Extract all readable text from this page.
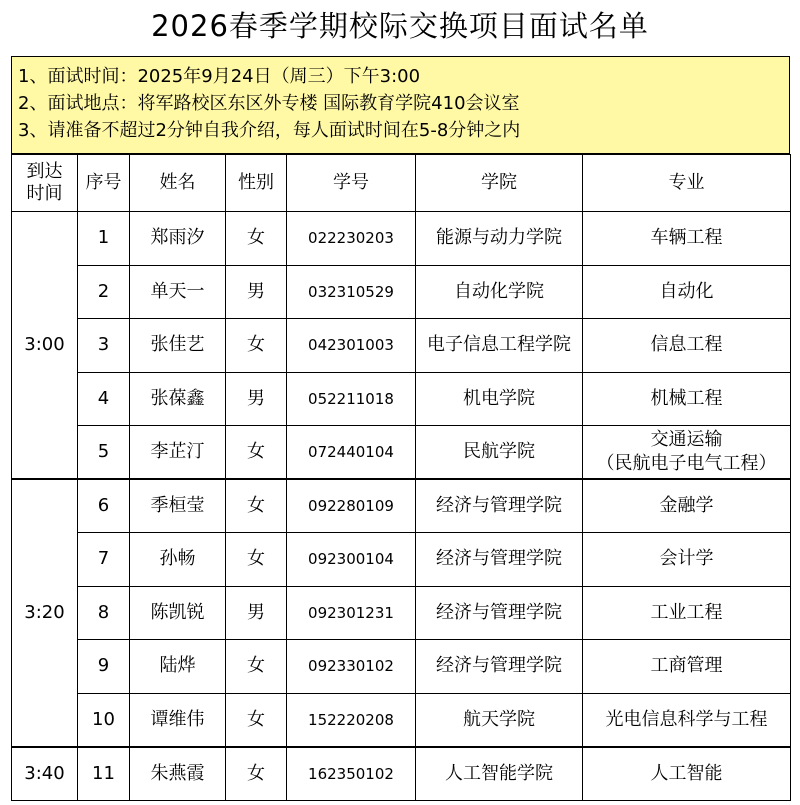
2026春季学期校际交换项目面试名单
1、面试时间：2025年9月24日（周三）下午3:00
2、面试地点：将军路校区东区外专楼 国际教育学院410会议室
3、请准备不超过2分钟自我介绍，每人面试时间在5-8分钟之内
到达
时间	序号	姓名	性别	学号	学院	专业
3:00	1	郑雨汐	女	022230203	能源与动力学院	车辆工程
	2	单天一	男	032310529	自动化学院	自动化
	3	张佳艺	女	042301003	电子信息工程学院	信息工程
	4	张葆鑫	男	052211018	机电学院	机械工程
	5	李芷汀	女	072440104	民航学院	交通运输
（民航电子电气工程）

3:20	6	季桓莹	女	092280109	经济与管理学院	金融学
	7	孙畅	女	092300104	经济与管理学院	会计学
	8	陈凯锐	男	092301231	经济与管理学院	工业工程
	9	陆烨	女	092330102	经济与管理学院	工商管理
	10	谭维伟	女	152220208	航天学院	光电信息科学与工程
3:40	11	朱燕霞	女	162350102	人工智能学院	人工智能
